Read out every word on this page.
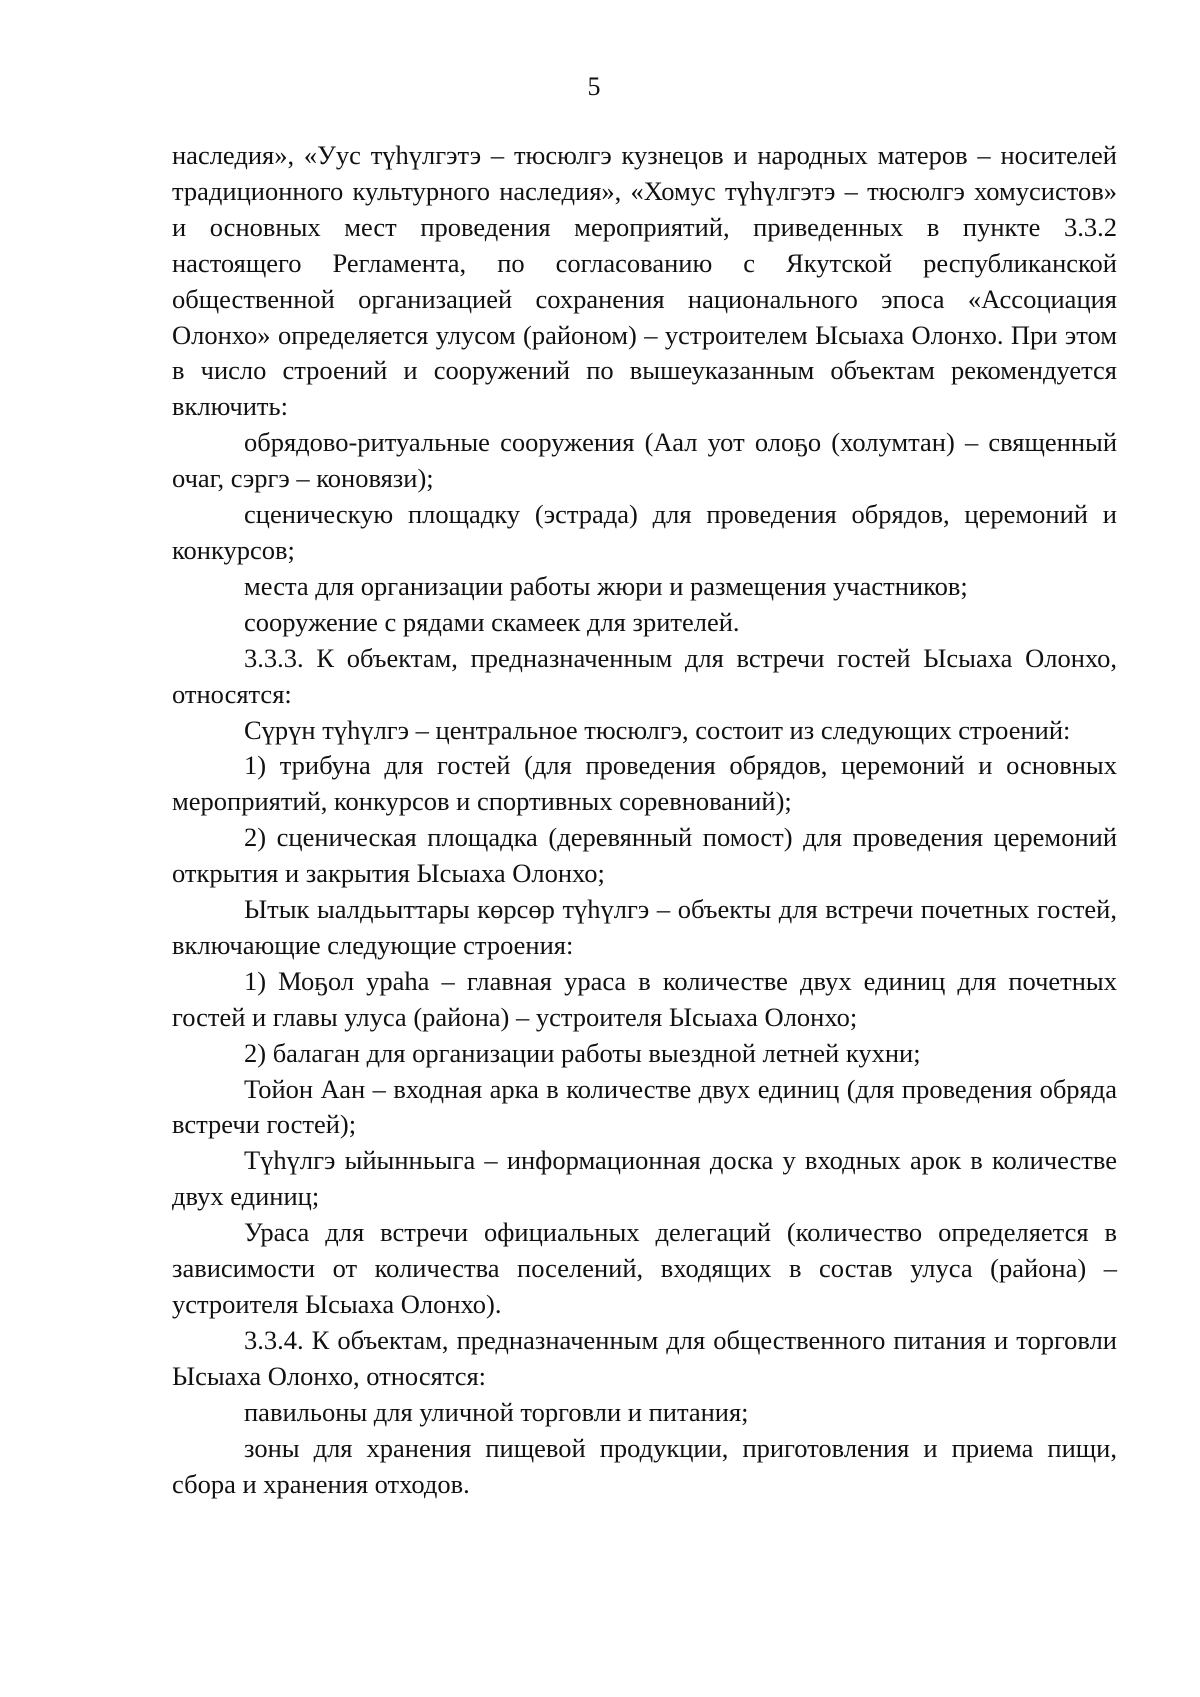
5

наследия», «Уус түһүлгэтэ – тюсюлгэ кузнецов и народных матеров – носителей традиционного культурного наследия», «Хомус түһүлгэтэ – тюсюлгэ хомусистов» и основных мест проведения мероприятий, приведенных в пункте 3.3.2 настоящего Регламента, по согласованию с Якутской республиканской общественной организацией сохранения национального эпоса «Ассоциация Олонхо» определяется улусом (районом) – устроителем Ысыаха Олонхо. При этом в число строений и сооружений по вышеуказанным объектам рекомендуется включить:

обрядово-ритуальные сооружения (Аал уот олоҕо (холумтан) – священный очаг, сэргэ – коновязи);

сценическую площадку (эстрада) для проведения обрядов, церемоний и конкурсов;

места для организации работы жюри и размещения участников;

сооружение с рядами скамеек для зрителей.

3.3.3. К объектам, предназначенным для встречи гостей Ысыаха Олонхо, относятся:

Сүрүн түһүлгэ – центральное тюсюлгэ, состоит из следующих строений:

1) трибуна для гостей (для проведения обрядов, церемоний и основных мероприятий, конкурсов и спортивных соревнований);

2) сценическая площадка (деревянный помост) для проведения церемоний открытия и закрытия Ысыаха Олонхо;

Ытык ыалдьыттары көрсөр түһүлгэ – объекты для встречи почетных гостей, включающие следующие строения:

1) Моҕол ураһа – главная ураса в количестве двух единиц для почетных гостей и главы улуса (района) – устроителя Ысыаха Олонхо;

2) балаган для организации работы выездной летней кухни;

Тойон Аан – входная арка в количестве двух единиц (для проведения обряда встречи гостей);

Түһүлгэ ыйынньыга – информационная доска у входных арок в количестве двух единиц;

Ураса для встречи официальных делегаций (количество определяется в зависимости от количества поселений, входящих в состав улуса (района) – устроителя Ысыаха Олонхо).

3.3.4. К объектам, предназначенным для общественного питания и торговли Ысыаха Олонхо, относятся:

павильоны для уличной торговли и питания;

зоны для хранения пищевой продукции, приготовления и приема пищи, сбора и хранения отходов.
